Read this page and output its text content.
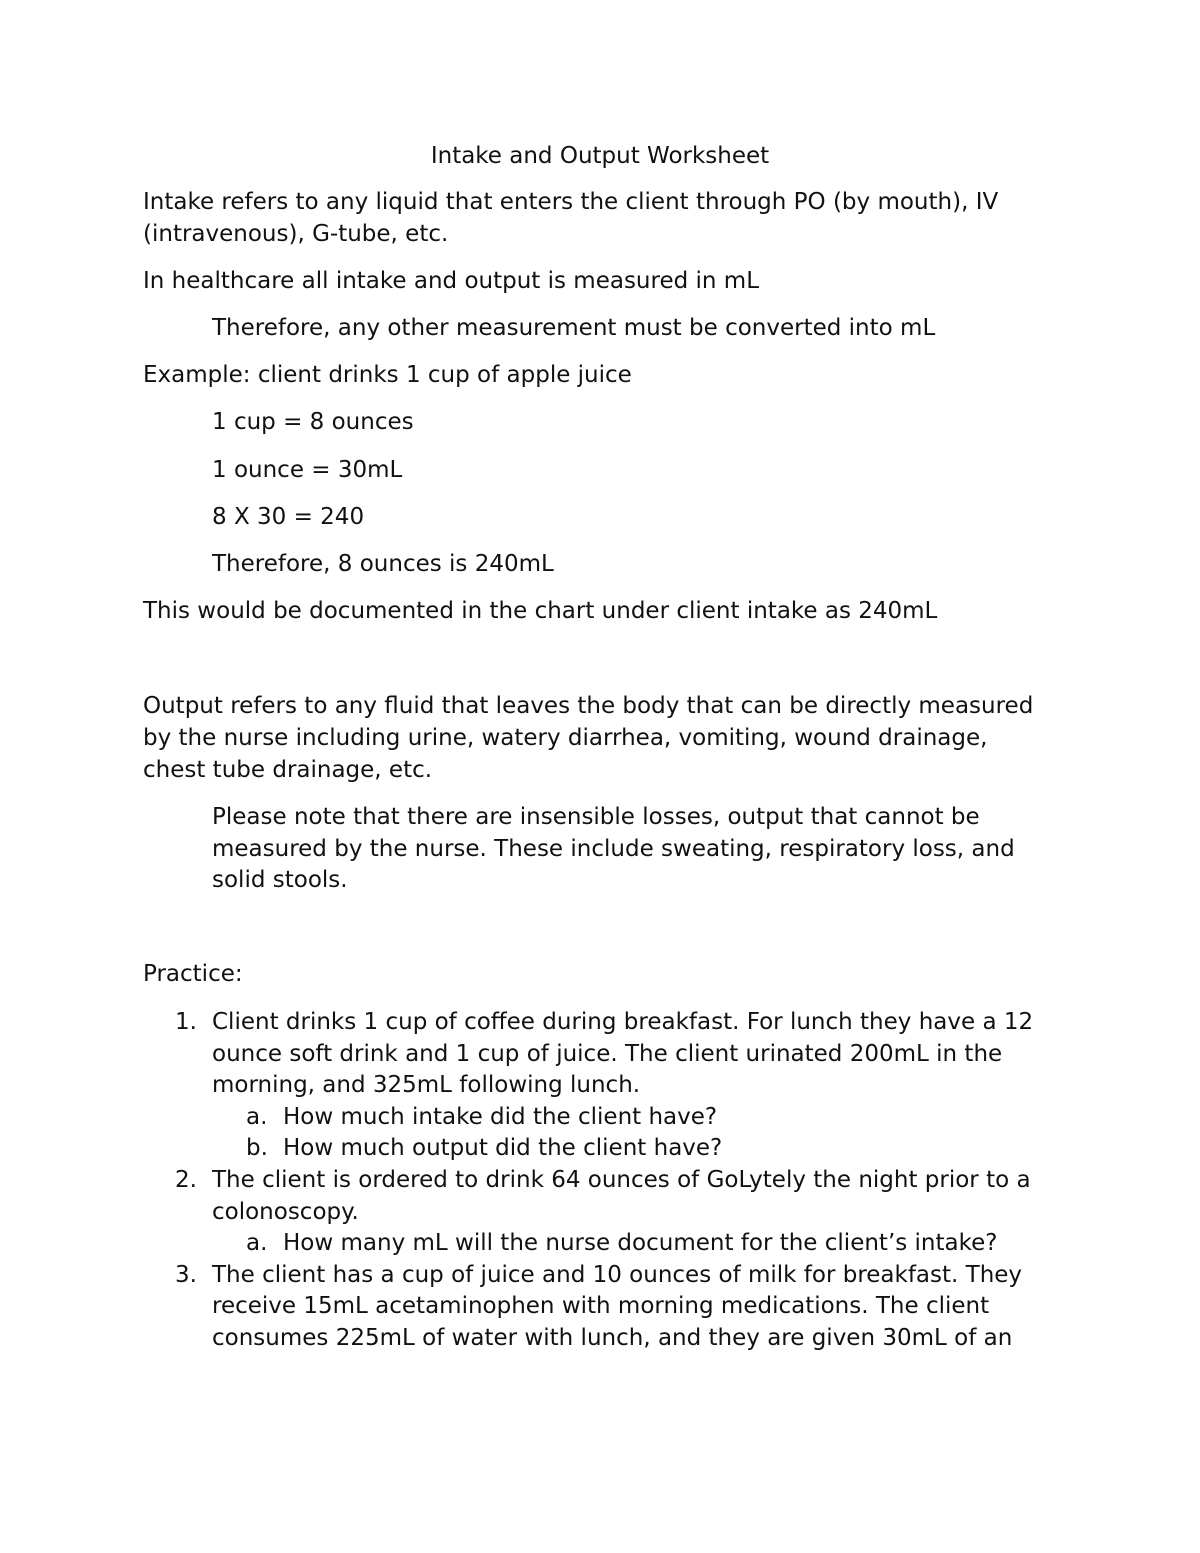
Intake and Output Worksheet

Intake refers to any liquid that enters the client through PO (by mouth), IV

(intravenous), G-tube, etc.

In healthcare all intake and output is measured in mL

Therefore, any other measurement must be converted into mL

Example: client drinks 1 cup of apple juice

1 cup = 8 ounces

1 ounce = 30mL

8 X 30 = 240

Therefore, 8 ounces is 240mL

This would be documented in the chart under client intake as 240mL

Output refers to any fluid that leaves the body that can be directly measured

by the nurse including urine, watery diarrhea, vomiting, wound drainage,

chest tube drainage, etc.

Please note that there are insensible losses, output that cannot be

measured by the nurse. These include sweating, respiratory loss, and

solid stools.

Practice:

1. Client drinks 1 cup of coffee during breakfast. For lunch they have a 12

ounce soft drink and 1 cup of juice. The client urinated 200mL in the

morning, and 325mL following lunch.

a. How much intake did the client have?

b. How much output did the client have?

2. The client is ordered to drink 64 ounces of GoLytely the night prior to a

colonoscopy.

a. How many mL will the nurse document for the client’s intake?

3. The client has a cup of juice and 10 ounces of milk for breakfast. They

receive 15mL acetaminophen with morning medications. The client

consumes 225mL of water with lunch, and they are given 30mL of an
